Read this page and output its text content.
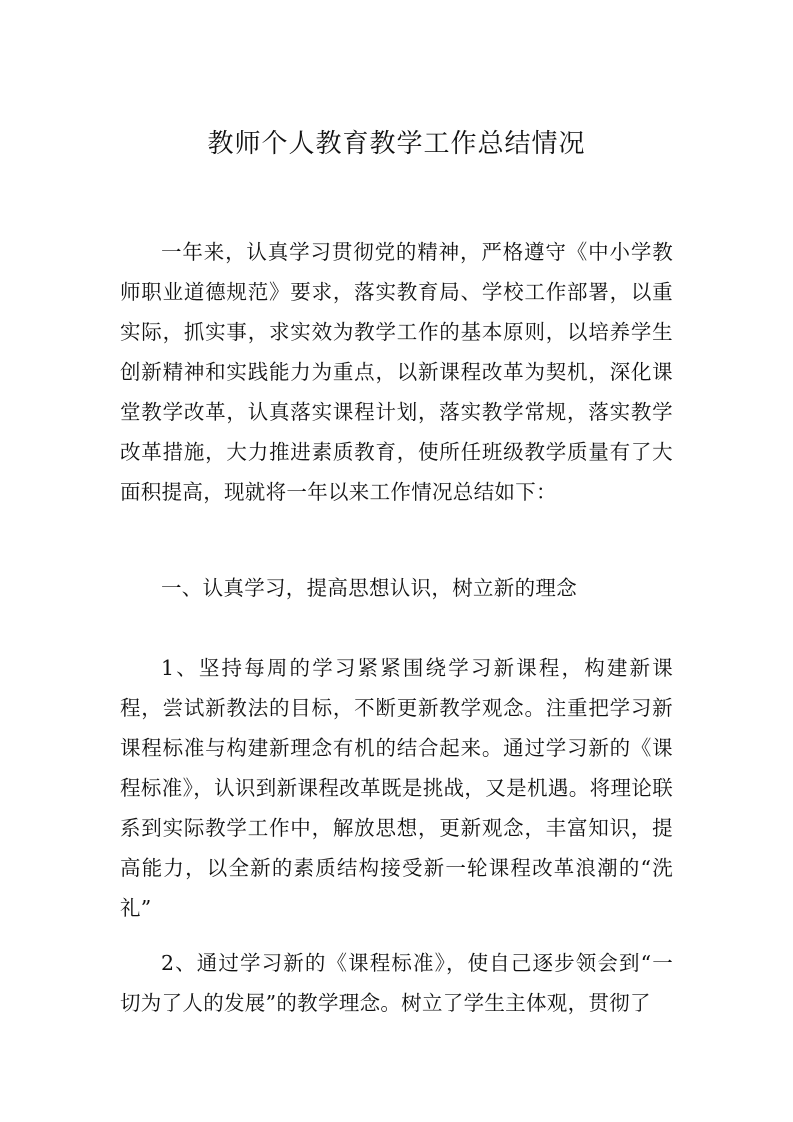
教师个人教育教学工作总结情况

一年来，认真学习贯彻党的精神，严格遵守《中小学教师职业道德规范》要求，落实教育局、学校工作部署，以重实际，抓实事，求实效为教学工作的基本原则，以培养学生创新精神和实践能力为重点，以新课程改革为契机，深化课堂教学改革，认真落实课程计划，落实教学常规，落实教学改革措施，大力推进素质教育，使所任班级教学质量有了大面积提高，现就将一年以来工作情况总结如下：

一、认真学习，提高思想认识，树立新的理念

1、坚持每周的学习紧紧围绕学习新课程，构建新课程，尝试新教法的目标，不断更新教学观念。注重把学习新课程标准与构建新理念有机的结合起来。通过学习新的《课程标准》，认识到新课程改革既是挑战，又是机遇。将理论联系到实际教学工作中，解放思想，更新观念，丰富知识，提高能力，以全新的素质结构接受新一轮课程改革浪潮的“洗礼”

2、通过学习新的《课程标准》，使自己逐步领会到“一切为了人的发展”的教学理念。树立了学生主体观，贯彻了
